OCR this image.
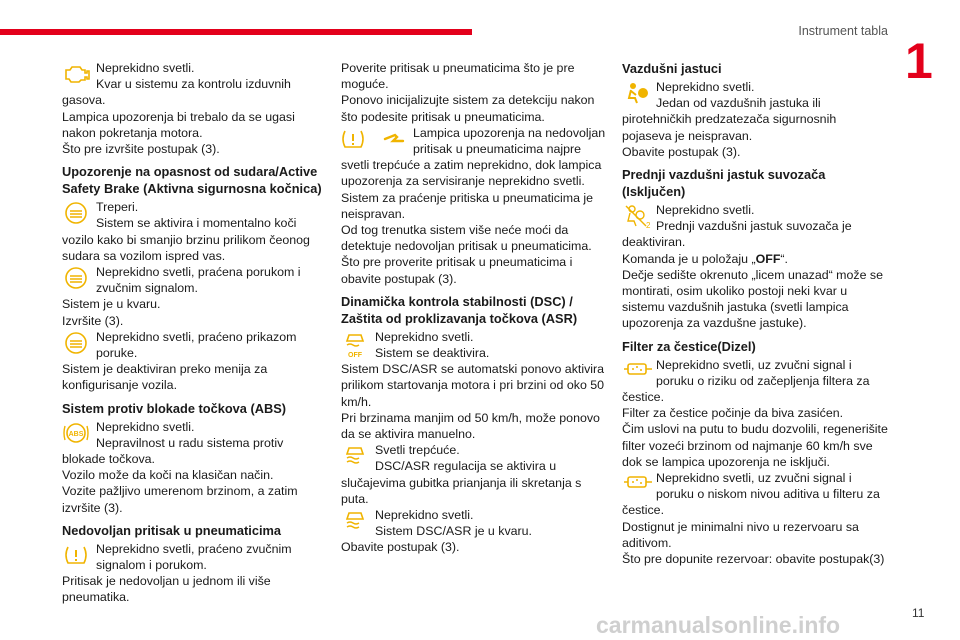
Instrument tabla
1

Neprekidno svetli.

Kvar u sistemu za kontrolu izduvnih gasova.

Lampica upozorenja bi trebalo da se ugasi nakon pokretanja motora.

Što pre izvršite postupak (3).

Upozorenje na opasnost od sudara/Active Safety Brake (Aktivna sigurnosna kočnica)

Treperi.

Sistem se aktivira i momentalno koči vozilo kako bi smanjio brzinu prilikom čeonog sudara sa vozilom ispred vas.

Neprekidno svetli, praćena porukom i zvučnim signalom.

Sistem je u kvaru.

Izvršite (3).

Neprekidno svetli, praćeno prikazom poruke.

Sistem je deaktiviran preko menija za konfigurisanje vozila.

Sistem protiv blokade točkova (ABS)
ABS

Neprekidno svetli.

Nepravilnost u radu sistema protiv blokade točkova.

Vozilo može da koči na klasičan način.

Vozite pažljivo umerenom brzinom, a zatim izvršite (3).

Nedovoljan pritisak u pneumaticima

Neprekidno svetli, praćeno zvučnim signalom i porukom.

Pritisak je nedovoljan u jednom ili više pneumatika.

Poverite pritisak u pneumaticima što je pre moguće.

Ponovo inicijalizujte sistem za detekciju nakon što podesite pritisak u pneumaticima.

Lampica upozorenja na nedovoljan pritisak u pneumaticima najpre svetli trepćuće a zatim neprekidno, dok lampica upozorenja za servisiranje neprekidno svetli.

Sistem za praćenje pritiska u pneumaticima je neispravan.

Od tog trenutka sistem više neće moći da detektuje nedovoljan pritisak u pneumaticima.

Što pre proverite pritisak u pneumaticima i obavite postupak (3).

Dinamička kontrola stabilnosti (DSC) / Zaštita od proklizavanja točkova (ASR)
OFF

Neprekidno svetli.

Sistem se deaktivira.

Sistem DSC/ASR se automatski ponovo aktivira prilikom startovanja motora i pri brzini od oko 50 km/h.

Pri brzinama manjim od 50 km/h, može ponovo da se aktivira manuelno.

Svetli trepćuće.

DSC/ASR regulacija se aktivira u slučajevima gubitka prianjanja ili skretanja s puta.

Neprekidno svetli.

Sistem DSC/ASR je u kvaru.

Obavite postupak (3).

Vazdušni jastuci

Neprekidno svetli.

Jedan od vazdušnih jastuka ili pirotehničkih predzatezača sigurnosnih pojaseva je neispravan.

Obavite postupak (3).

Prednji vazdušni jastuk suvozača (Isključen)
2

Neprekidno svetli.

Prednji vazdušni jastuk suvozača je deaktiviran.

Komanda je u položaju „OFF“.

Dečje sedište okrenuto „licem unazad“ može se montirati, osim ukoliko postoji neki kvar u sistemu vazdušnih jastuka (svetli lampica upozorenja za vazdušne jastuke).

Filter za čestice(Dizel)

Neprekidno svetli, uz zvučni signal i poruku o riziku od začepljenja filtera za čestice.

Filter za čestice počinje da biva zasićen.

Čim uslovi na putu to budu dozvolili, regenerišite filter vozeći brzinom od najmanje 60 km/h sve dok se lampica upozorenja ne isključi.

Neprekidno svetli, uz zvučni signal i poruku o niskom nivou aditiva u filteru za čestice.

Dostignut je minimalni nivo u rezervoaru sa aditivom.

Što pre dopunite rezervoar: obavite postupak(3)

carmanualsonline.info	11
